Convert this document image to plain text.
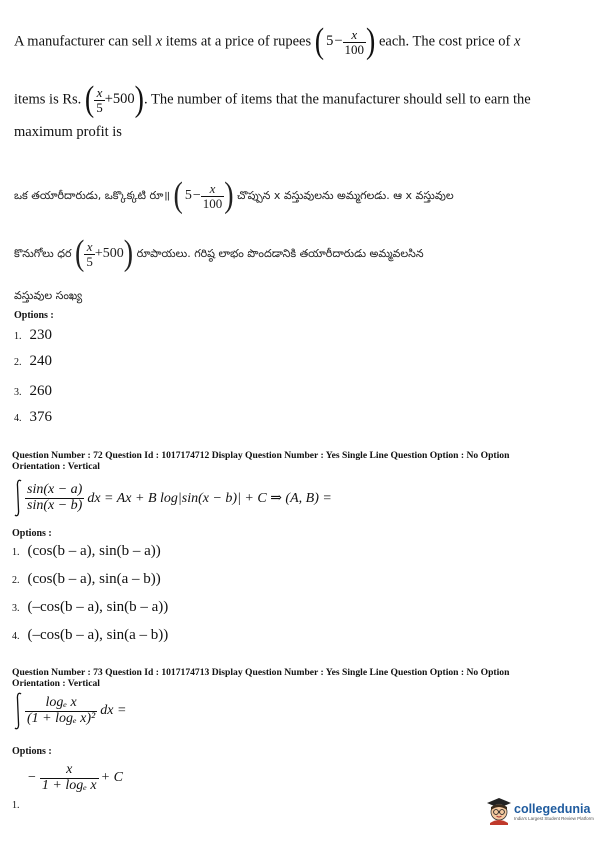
A manufacturer can sell x items at a price of rupees ( $5 - \frac{x}{100}$ ) each. The cost price of x
items is Rs. ( $\frac{x}{5} +500$ ) . The number of items that the manufacturer should sell to earn the
maximum profit is
ఒక తయారీదారుడు, ఒక్కొక్కటి రూ॥ ( $5 - \frac{x}{100}$ ) చొప్పున x వస్తువులను అమ్మగలడు. ఆ x వస్తువుల
కొనుగోలు ధర ( $\frac{x}{5} +500$ ) రూపాయలు. గరిష్ఠ లాభం పొందడానికి తయారీదారుడు అమ్మవలసిన
వస్తువుల సంఖ్య
Options :
1. 230
2. 240
3. 260
4. 376
Question Number : 72 Question Id : 1017174712 Display Question Number : Yes Single Line Question Option : No Option
Orientation : Vertical
$\frac{\sin(x - a)}{\sin(x - b)}$ dx = Ax + B log|sin(x − b)| + C ⇒ (A, B) =
Options :
1. (cos(b – a), sin(b – a))
2. (cos(b – a), sin(a – b))
3. (–cos(b – a), sin(b – a))
4. (–cos(b – a), sin(a – b))
Question Number : 73 Question Id : 1017174713 Display Question Number : Yes Single Line Question Option : No Option
Orientation : Vertical
$\frac{\text{logₑ x}}{\text{(1 + logₑ x)²}}$ dx =
Options :
− $\frac{x}{\text{1 + logₑ x}} + C$
1.	collegedunia
India's Largest Student Review Platform
